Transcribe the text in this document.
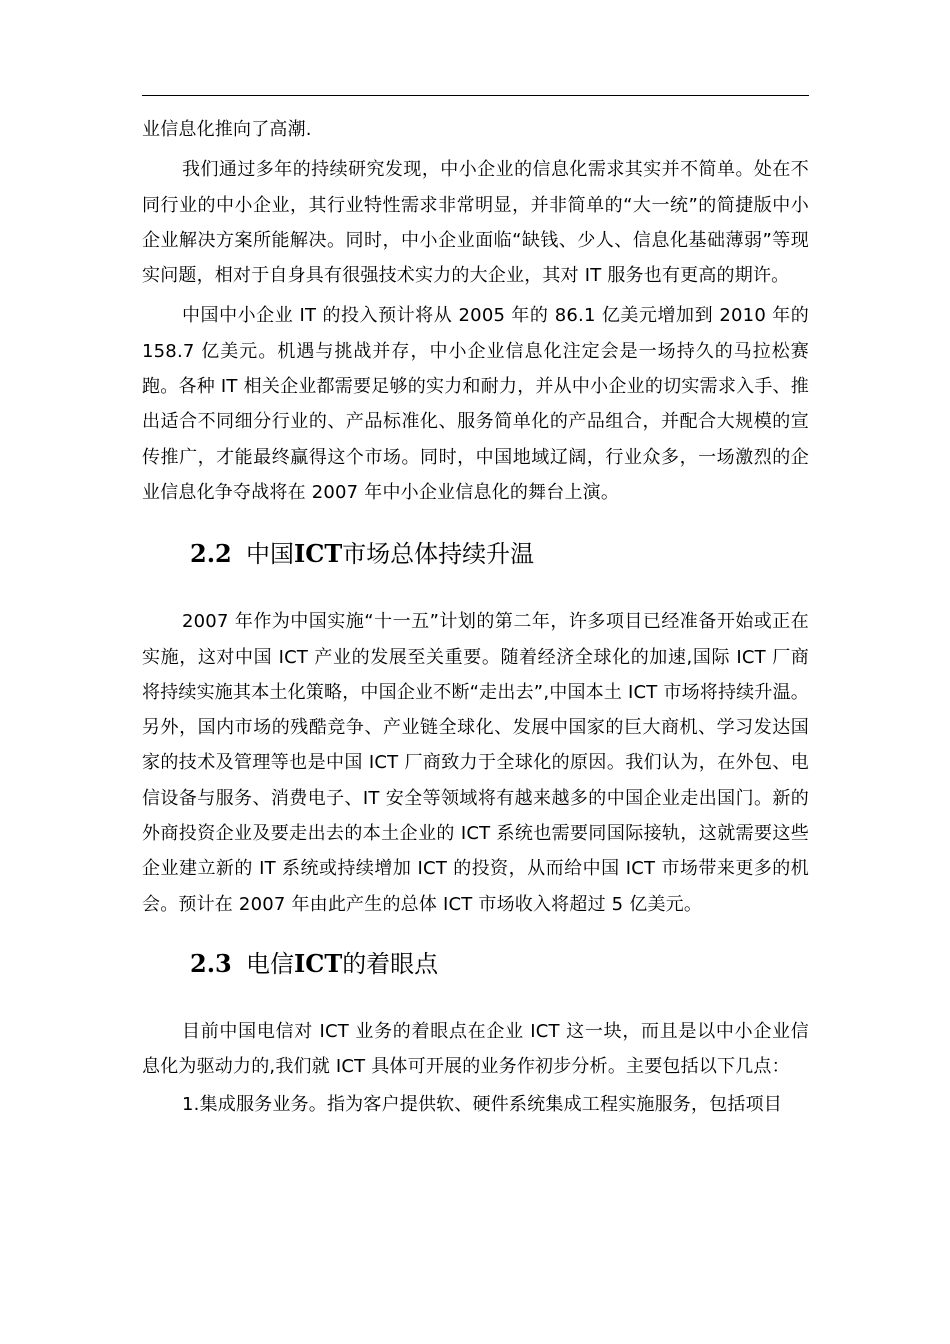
业信息化推向了高潮.

我们通过多年的持续研究发现，中小企业的信息化需求其实并不简单。处在不同行业的中小企业，其行业特性需求非常明显，并非简单的“大一统”的简捷版中小企业解决方案所能解决。同时，中小企业面临“缺钱、少人、信息化基础薄弱”等现实问题，相对于自身具有很强技术实力的大企业，其对 IT 服务也有更高的期许。

中国中小企业 IT 的投入预计将从 2005 年的 86.1 亿美元增加到 2010 年的 158.7 亿美元。机遇与挑战并存，中小企业信息化注定会是一场持久的马拉松赛跑。各种 IT 相关企业都需要足够的实力和耐力，并从中小企业的切实需求入手、推出适合不同细分行业的、产品标准化、服务简单化的产品组合，并配合大规模的宣传推广，才能最终赢得这个市场。同时，中国地域辽阔，行业众多，一场激烈的企业信息化争夺战将在 2007 年中小企业信息化的舞台上演。

2.2 中国ICT市场总体持续升温

2007 年作为中国实施“十一五”计划的第二年，许多项目已经准备开始或正在实施，这对中国 ICT 产业的发展至关重要。随着经济全球化的加速,国际 ICT 厂商将持续实施其本土化策略，中国企业不断“走出去”,中国本土 ICT 市场将持续升温。另外，国内市场的残酷竞争、产业链全球化、发展中国家的巨大商机、学习发达国家的技术及管理等也是中国 ICT 厂商致力于全球化的原因。我们认为，在外包、电信设备与服务、消费电子、IT 安全等领域将有越来越多的中国企业走出国门。新的外商投资企业及要走出去的本土企业的 ICT 系统也需要同国际接轨，这就需要这些企业建立新的 IT 系统或持续增加 ICT 的投资，从而给中国 ICT 市场带来更多的机会。预计在 2007 年由此产生的总体 ICT 市场收入将超过 5 亿美元。

2.3 电信ICT的着眼点

目前中国电信对 ICT 业务的着眼点在企业 ICT 这一块，而且是以中小企业信息化为驱动力的,我们就 ICT 具体可开展的业务作初步分析。主要包括以下几点：

1.集成服务业务。指为客户提供软、硬件系统集成工程实施服务，包括项目
